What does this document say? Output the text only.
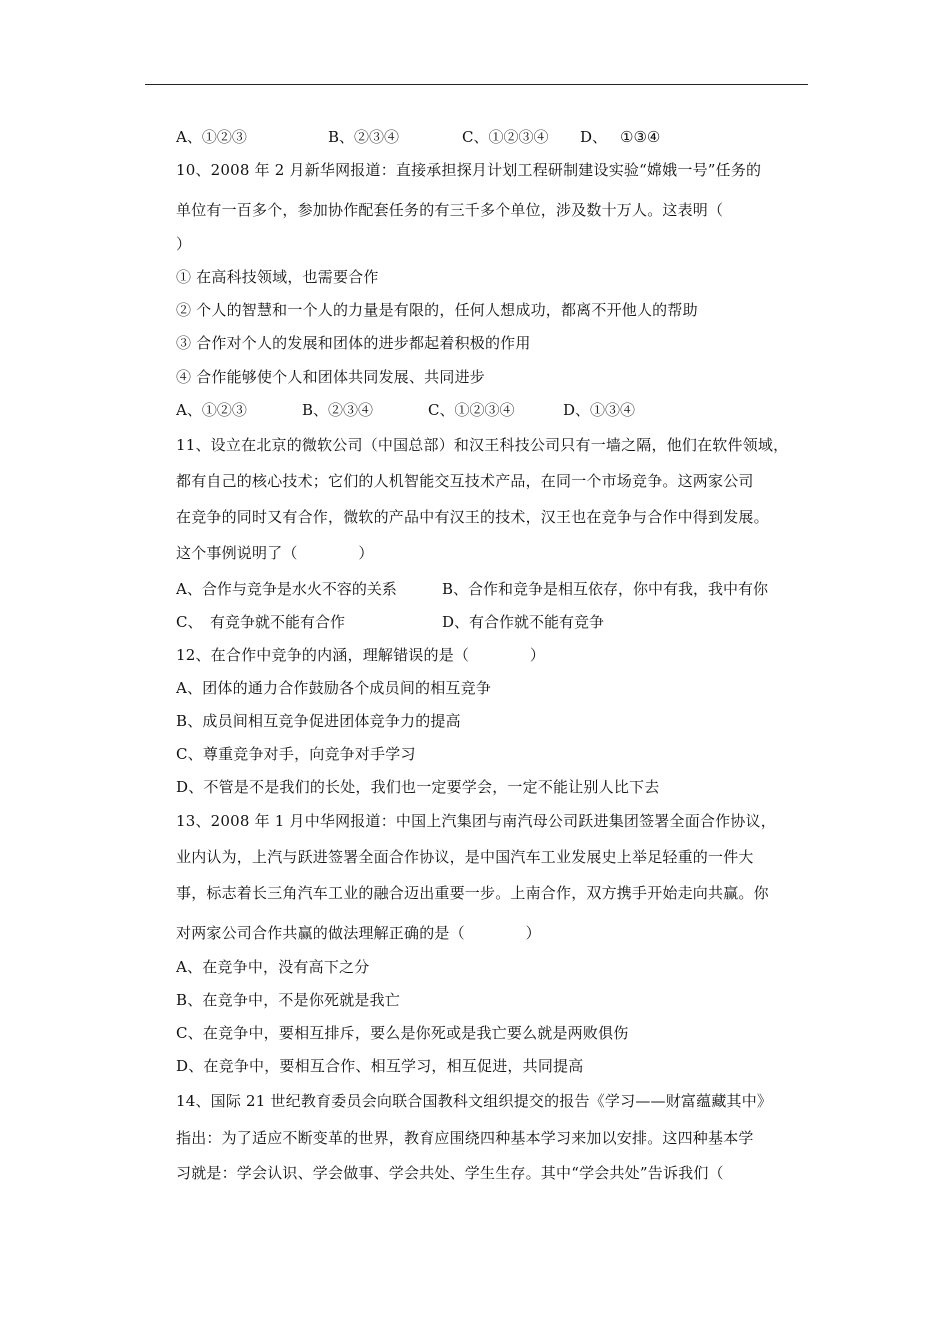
A、①②③	B、②③④	C、①②③④ D、 ①③④
10、2008 年 2 月新华网报道：直接承担探月计划工程研制建设实验“嫦娥一号”任务的
单位有一百多个，参加协作配套任务的有三千多个单位，涉及数十万人。这表明（
）
① 在高科技领域，也需要合作
② 个人的智慧和一个人的力量是有限的，任何人想成功，都离不开他人的帮助
③ 合作对个人的发展和团体的进步都起着积极的作用
④ 合作能够使个人和团体共同发展、共同进步
A、①②③	B、②③④	C、①②③④	D、①③④
11、设立在北京的微软公司（中国总部）和汉王科技公司只有一墙之隔，他们在软件领域，
都有自己的核心技术；它们的人机智能交互技术产品，在同一个市场竞争。这两家公司
在竞争的同时又有合作，微软的产品中有汉王的技术，汉王也在竞争与合作中得到发展。
这个事例说明了（　　　　）
A、合作与竞争是水火不容的关系	B、合作和竞争是相互依存，你中有我，我中有你
C、　有竞争就不能有合作	D、有合作就不能有竞争
12、在合作中竞争的内涵，理解错误的是（　　　　）
A、团体的通力合作鼓励各个成员间的相互竞争
B、成员间相互竞争促进团体竞争力的提高
C、尊重竞争对手，向竞争对手学习
D、不管是不是我们的长处，我们也一定要学会，一定不能让别人比下去
13、2008 年 1 月中华网报道：中国上汽集团与南汽母公司跃进集团签署全面合作协议，
业内认为，上汽与跃进签署全面合作协议，是中国汽车工业发展史上举足轻重的一件大
事，标志着长三角汽车工业的融合迈出重要一步。上南合作，双方携手开始走向共赢。你
对两家公司合作共赢的做法理解正确的是（　　　　）
A、在竞争中，没有高下之分
B、在竞争中，不是你死就是我亡
C、在竞争中，要相互排斥，要么是你死或是我亡要么就是两败俱伤
D、在竞争中，要相互合作、相互学习，相互促进，共同提高
14、国际 21 世纪教育委员会向联合国教科文组织提交的报告《学习——财富蕴藏其中》
指出：为了适应不断变革的世界，教育应围绕四种基本学习来加以安排。这四种基本学
习就是：学会认识、学会做事、学会共处、学生生存。其中“学会共处”告诉我们（
